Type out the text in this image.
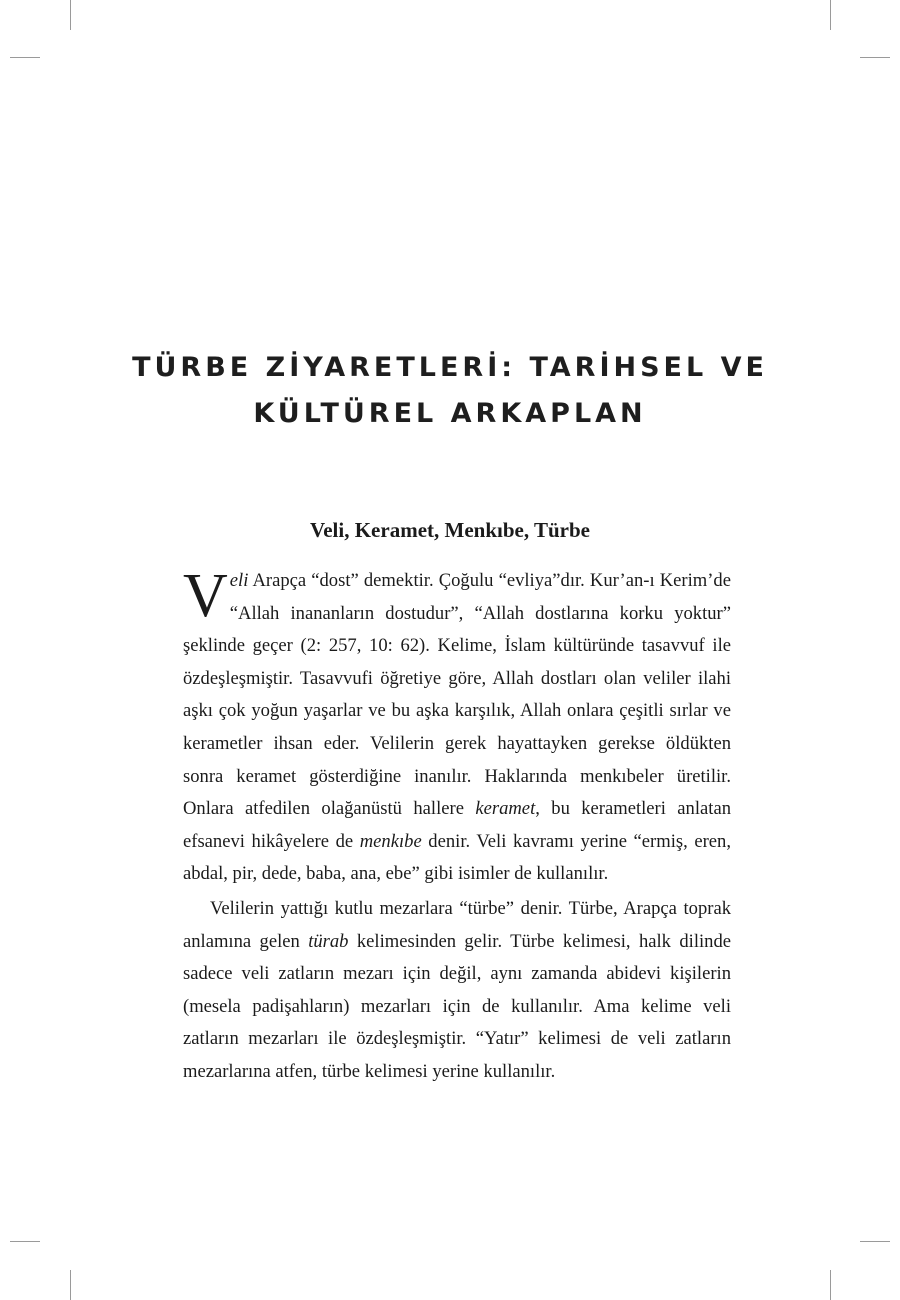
TÜRBE ZİYARETLERİ: TARİHSEL VE
KÜLTÜREL ARKAPLAN
Veli, Keramet, Menkıbe, Türbe

Veli Arapça “dost” demektir. Çoğulu “evliya”dır. Kur’an-ı Kerim’de “Allah inananların dostudur”, “Allah dostlarına korku yoktur” şeklinde geçer (2: 257, 10: 62). Kelime, İslam kültüründe tasavvuf ile özdeşleşmiştir. Tasavvufi öğretiye göre, Allah dostları olan veliler ilahi aşkı çok yoğun yaşarlar ve bu aşka karşılık, Allah onlara çeşitli sırlar ve kerametler ihsan eder. Velilerin gerek hayattayken gerekse öldükten sonra keramet gösterdiğine inanılır. Haklarında menkıbeler üretilir. Onlara atfedilen olağanüstü hallere keramet, bu kerametleri anlatan efsanevi hikâyelere de menkıbe denir. Veli kavramı yerine “ermiş, eren, abdal, pir, dede, baba, ana, ebe” gibi isimler de kullanılır.

Velilerin yattığı kutlu mezarlara “türbe” denir. Türbe, Arapça toprak anlamına gelen türab kelimesinden gelir. Türbe kelimesi, halk dilinde sadece veli zatların mezarı için değil, aynı zamanda abidevi kişilerin (mesela padişahların) mezarları için de kullanılır. Ama kelime veli zatların mezarları ile özdeşleşmiştir. “Yatır” kelimesi de veli zatların mezarlarına atfen, türbe kelimesi yerine kullanılır.
